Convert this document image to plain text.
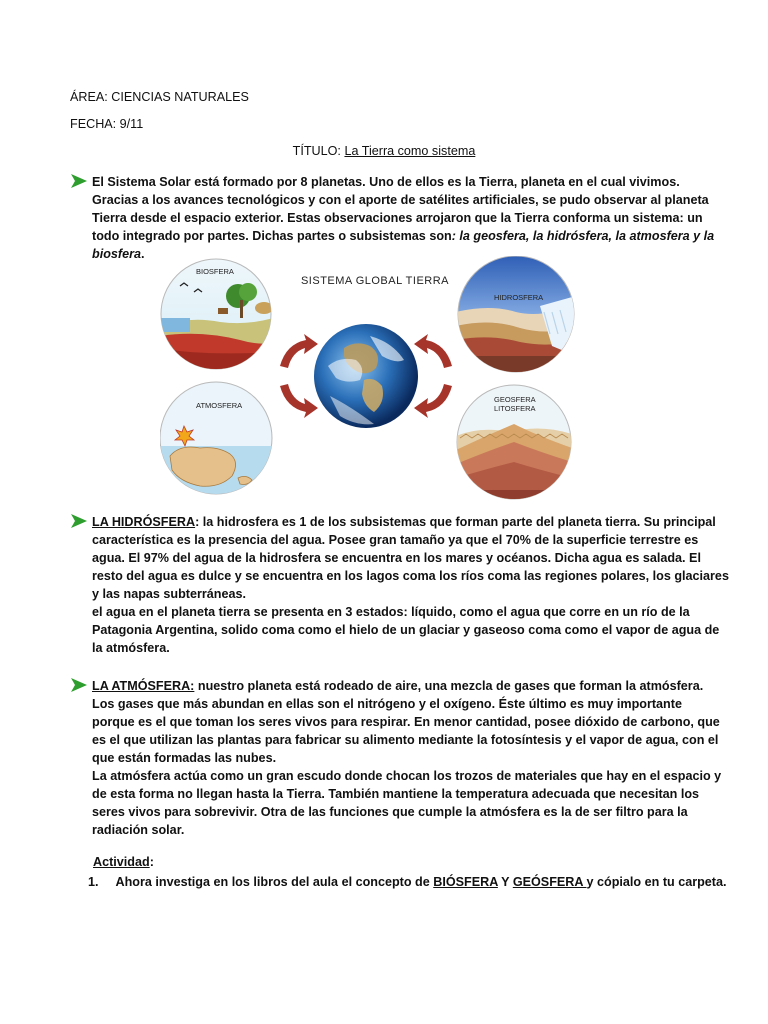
ÁREA: CIENCIAS NATURALES
FECHA: 9/11
TÍTULO: La Tierra como sistema
El Sistema Solar está formado por 8 planetas. Uno de ellos es la Tierra, planeta en el cual vivimos.
Gracias a los avances tecnológicos y con el aporte de satélites artificiales, se pudo observar al planeta
Tierra desde el espacio exterior. Estas observaciones arrojaron que la Tierra conforma un sistema: un
todo integrado por partes. Dichas partes o subsistemas son: la geosfera, la hidrósfera, la atmosfera y la
biosfera.
BIOSFERA
HIDROSFERA
ATMOSFERA
GEOSFERA
LITOSFERA
SISTEMA GLOBAL TIERRA
LA HIDRÓSFERA: la hidrosfera es 1 de los subsistemas que forman parte del planeta tierra. Su principal
característica es la presencia del agua. Posee gran tamaño ya que el 70% de la superficie terrestre es
agua. El 97% del agua de la hidrosfera se encuentra en los mares y océanos. Dicha agua es salada. El
resto del agua es dulce y se encuentra en los lagos coma los ríos coma las regiones polares, los glaciares
y las napas subterráneas.
el agua en el planeta tierra se presenta en 3 estados: líquido, como el agua que corre en un río de la
Patagonia Argentina, solido coma como el hielo de un glaciar y gaseoso coma como el vapor de agua de
la atmósfera.
LA ATMÓSFERA: nuestro planeta está rodeado de aire, una mezcla de gases que forman la atmósfera.
Los gases que más abundan en ellas son el nitrógeno y el oxígeno. Éste último es muy importante
porque es el que toman los seres vivos para respirar. En menor cantidad, posee dióxido de carbono, que
es el que utilizan las plantas para fabricar su alimento mediante la fotosíntesis y el vapor de agua, con el
que están formadas las nubes.
La atmósfera actúa como un gran escudo donde chocan los trozos de materiales que hay en el espacio y
de esta forma no llegan hasta la Tierra. También mantiene la temperatura adecuada que necesitan los
seres vivos para sobrevivir. Otra de las funciones que cumple la atmósfera es la de ser filtro para la
radiación solar.
Actividad:
1. Ahora investiga en los libros del aula el concepto de BIÓSFERA Y GEÓSFERA y cópialo en tu carpeta.
